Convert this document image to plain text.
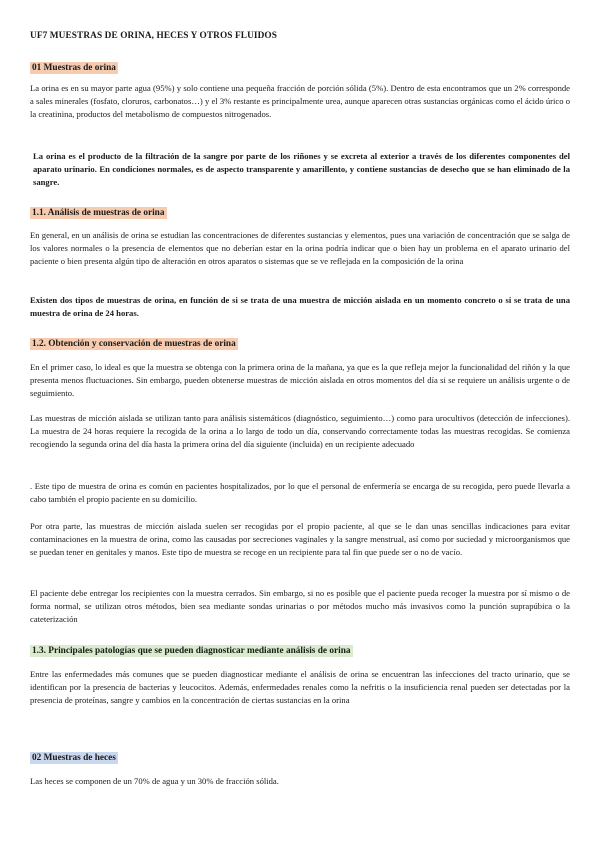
UF7 MUESTRAS DE ORINA, HECES Y OTROS FLUIDOS
01 Muestras de orina

La orina es en su mayor parte agua (95%) y solo contiene una pequeña fracción de porción sólida (5%). Dentro de esta encontramos que un 2% corresponde a sales minerales (fosfato, cloruros, carbonatos…) y el 3% restante es principalmente urea, aunque aparecen otras sustancias orgánicas como el ácido úrico o la creatinina, productos del metabolismo de compuestos nitrogenados.

La orina es el producto de la filtración de la sangre por parte de los riñones y se excreta al exterior a través de los diferentes componentes del aparato urinario. En condiciones normales, es de aspecto transparente y amarillento, y contiene sustancias de desecho que se han eliminado de la sangre.

1.1. Análisis de muestras de orina

En general, en un análisis de orina se estudian las concentraciones de diferentes sustancias y elementos, pues una variación de concentración que se salga de los valores normales o la presencia de elementos que no deberían estar en la orina podría indicar que o bien hay un problema en el aparato urinario del paciente o bien presenta algún tipo de alteración en otros aparatos o sistemas que se ve reflejada en la composición de la orina

Existen dos tipos de muestras de orina, en función de si se trata de una muestra de micción aislada en un momento concreto o si se trata de una muestra de orina de 24 horas.

1.2. Obtención y conservación de muestras de orina

En el primer caso, lo ideal es que la muestra se obtenga con la primera orina de la mañana, ya que es la que refleja mejor la funcionalidad del riñón y la que presenta menos fluctuaciones. Sin embargo, pueden obtenerse muestras de micción aislada en otros momentos del día si se requiere un análisis urgente o de seguimiento.

Las muestras de micción aislada se utilizan tanto para análisis sistemáticos (diagnóstico, seguimiento…) como para urocultivos (detección de infecciones). La muestra de 24 horas requiere la recogida de la orina a lo largo de todo un día, conservando correctamente todas las muestras recogidas. Se comienza recogiendo la segunda orina del día hasta la primera orina del día siguiente (incluida) en un recipiente adecuado

. Este tipo de muestra de orina es común en pacientes hospitalizados, por lo que el personal de enfermería se encarga de su recogida, pero puede llevarla a cabo también el propio paciente en su domicilio.

Por otra parte, las muestras de micción aislada suelen ser recogidas por el propio paciente, al que se le dan unas sencillas indicaciones para evitar contaminaciones en la muestra de orina, como las causadas por secreciones vaginales y la sangre menstrual, así como por suciedad y microorganismos que se puedan tener en genitales y manos. Este tipo de muestra se recoge en un recipiente para tal fin que puede ser o no de vacío.

El paciente debe entregar los recipientes con la muestra cerrados. Sin embargo, si no es posible que el paciente pueda recoger la muestra por sí mismo o de forma normal, se utilizan otros métodos, bien sea mediante sondas urinarias o por métodos mucho más invasivos como la punción suprapúbica o la cateterización

1.3. Principales patologías que se pueden diagnosticar mediante análisis de orina

Entre las enfermedades más comunes que se pueden diagnosticar mediante el análisis de orina se encuentran las infecciones del tracto urinario, que se identifican por la presencia de bacterias y leucocitos. Además, enfermedades renales como la nefritis o la insuficiencia renal pueden ser detectadas por la presencia de proteínas, sangre y cambios en la concentración de ciertas sustancias en la orina

02 Muestras de heces

Las heces se componen de un 70% de agua y un 30% de fracción sólida.
